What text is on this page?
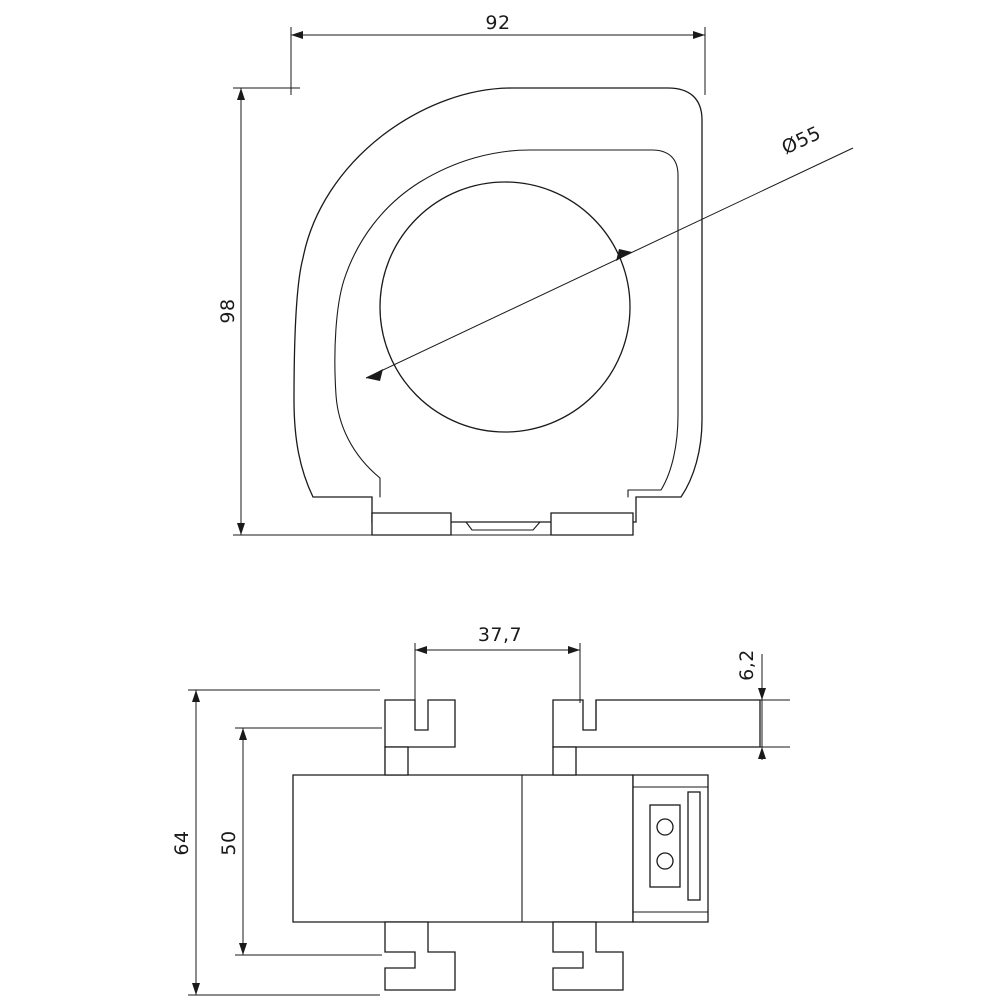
92
98
Ø55
37,7
6,2
64 50
